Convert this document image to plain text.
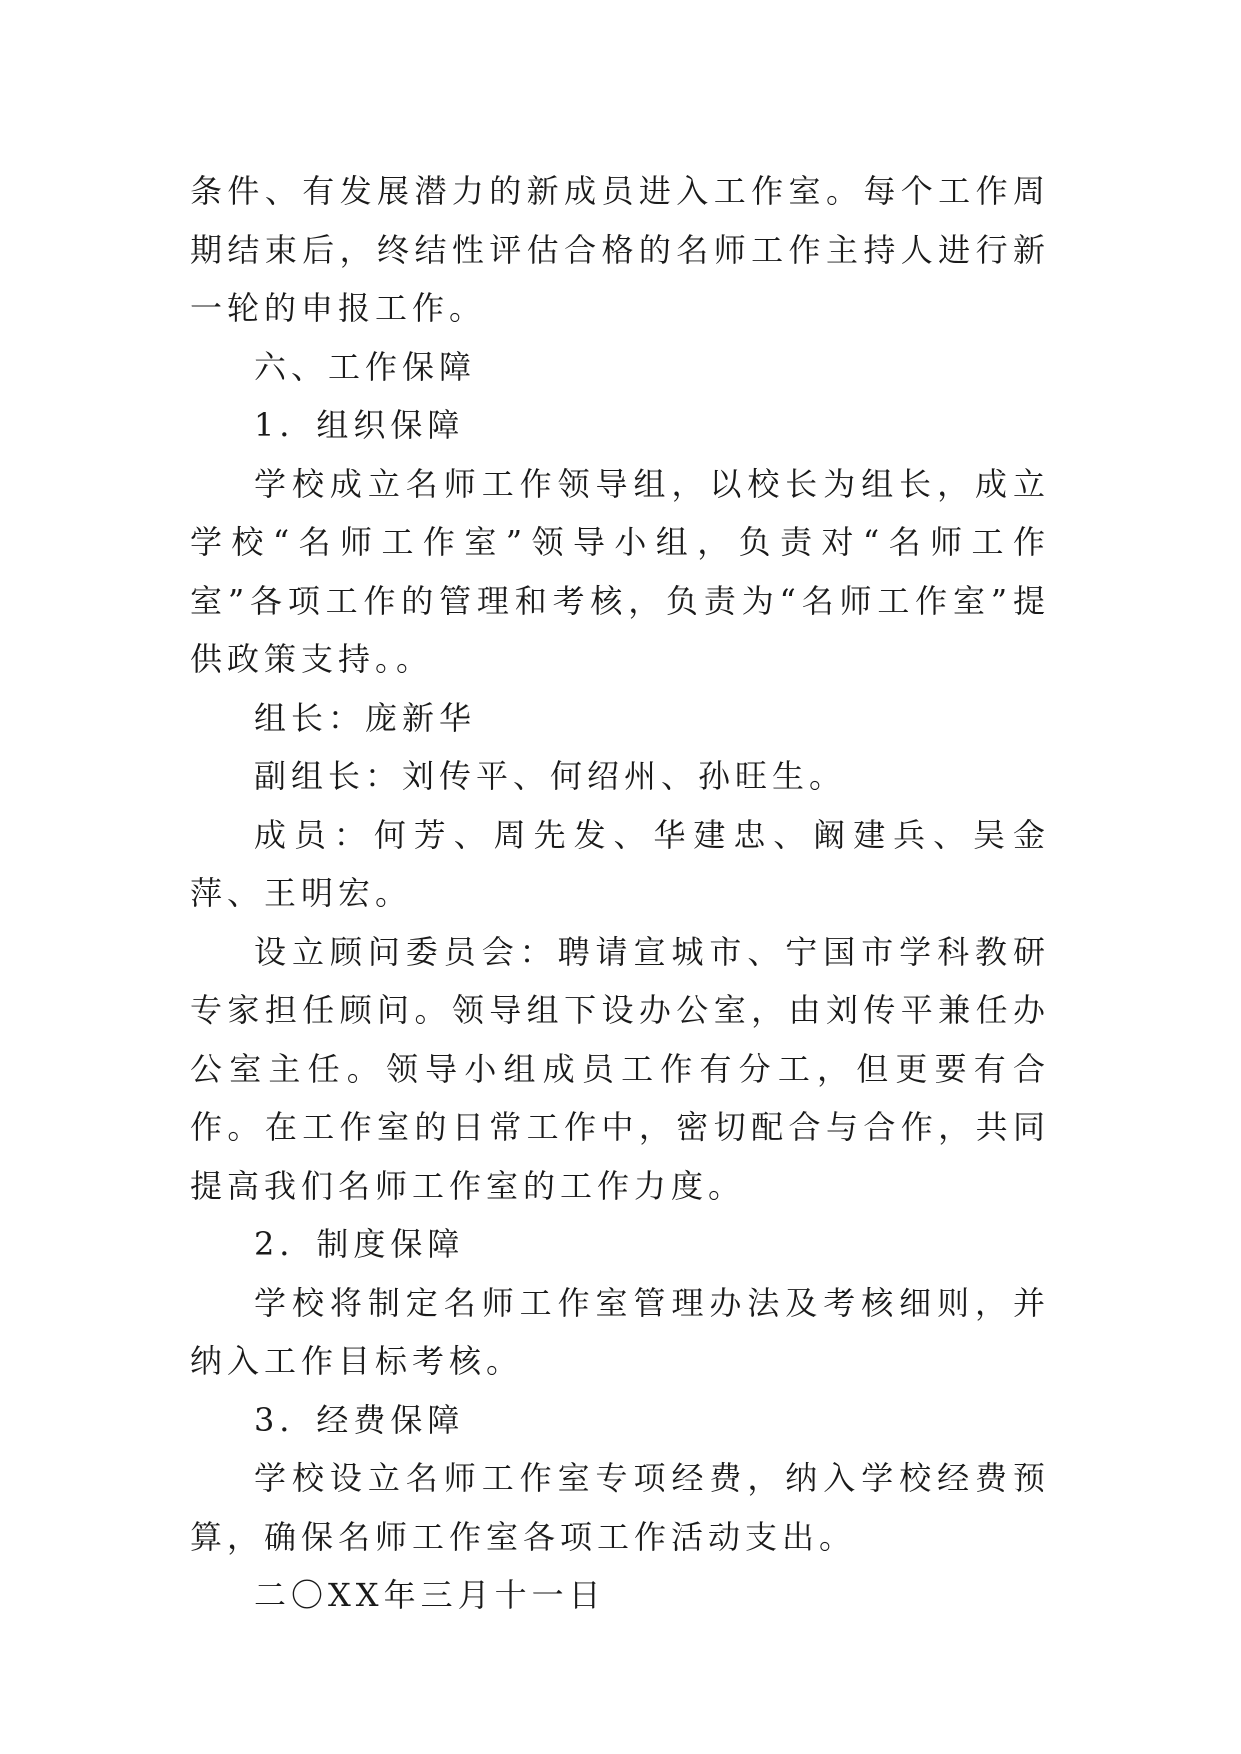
条件、有发展潜力的新成员进入工作室。每个工作周期结束后，终结性评估合格的名师工作主持人进行新一轮的申报工作。

六、工作保障

1．组织保障

学校成立名师工作领导组，以校长为组长，成立学校“名师工作室”领导小组，负责对“名师工作室”各项工作的管理和考核，负责为“名师工作室”提供政策支持。。

组长：庞新华

副组长：刘传平、何绍州、孙旺生。

成员：何芳、周先发、华建忠、阚建兵、吴金萍、王明宏。

设立顾问委员会：聘请宣城市、宁国市学科教研专家担任顾问。领导组下设办公室，由刘传平兼任办公室主任。领导小组成员工作有分工，但更要有合作。在工作室的日常工作中，密切配合与合作，共同提高我们名师工作室的工作力度。

2．制度保障

学校将制定名师工作室管理办法及考核细则，并纳入工作目标考核。

3．经费保障

学校设立名师工作室专项经费，纳入学校经费预算，确保名师工作室各项工作活动支出。

二〇XX年三月十一日
